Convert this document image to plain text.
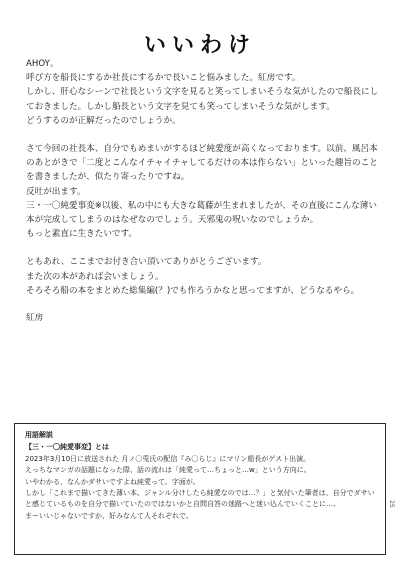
いいわけ

AHOY。
呼び方を船長にするか社長にするかで長いこと悩みました。紅房です。
しかし、肝心なシーンで社長という文字を見ると笑ってしまいそうな気がしたので船長にしておきました。しかし船長という文字を見ても笑ってしまいそうな気がします。
どうするのが正解だったのでしょうか。

さて今回の社長本、自分でもめまいがするほど純愛度が高くなっております。以前、風呂本のあとがきで「二度とこんなイチャイチャしてるだけの本は作らない」といった趣旨のことを書きましたが、似たり寄ったりですね。
反吐が出ます。
三・一〇純愛事変※以後、私の中にも大きな葛藤が生まれましたが、その直後にこんな薄い本が完成してしまうのはなぜなのでしょう。天邪鬼の呪いなのでしょうか。
もっと素直に生きたいです。

ともあれ、ここまでお付き合い頂いてありがとうございます。
また次の本があれば会いましょう。
そろそろ船の本をまとめた総集編(？)でも作ろうかなと思ってますが、どうなるやら。

紅房
用語解説
【三・一〇純愛事変】とは

2023年3月10日に放送された 月ノ〇兎氏の配信『み〇らじ』にマリン船長がゲスト出演。
えっちなマンガの話題になった際、話の流れは「純愛って…ちょっと…w」という方向に。
いやわかる、なんかダサいですよね純愛って。字面が。
しかし「これまで描いてきた薄い本、ジャンル分けしたら純愛なのでは…？」と気付いた筆者は、自分でダサいと感じているものを自分で描いていたのではないかと自問自答の迷路へと迷い込んでいくことに…。
まーいいじゃないですか、好みなんて人それぞれで。

25
